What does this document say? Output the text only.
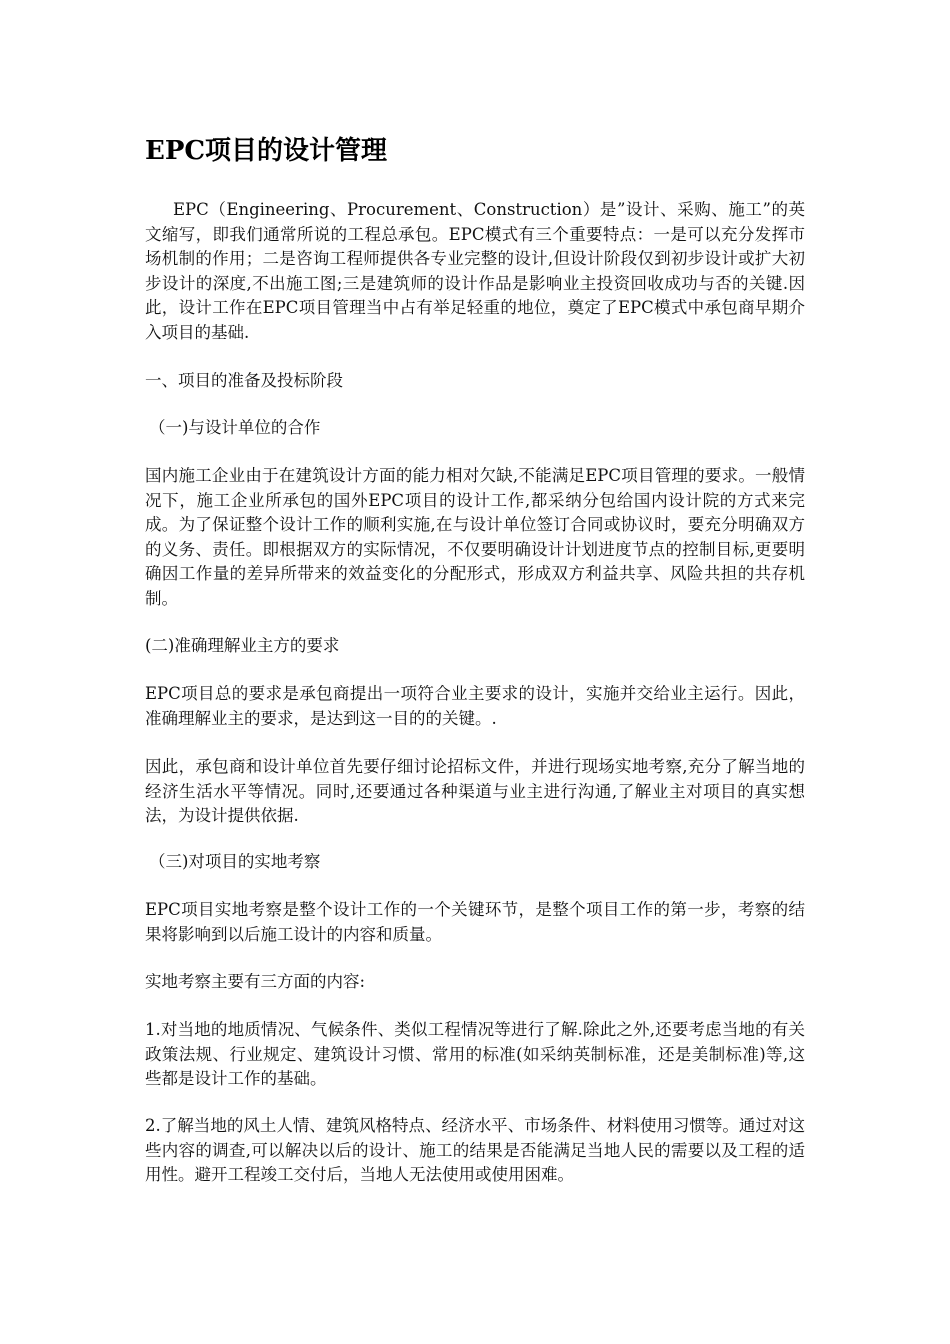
EPC项目的设计管理

EPC（Engineering、Procurement、Construction）是”设计、采购、施工”的英文缩写，即我们通常所说的工程总承包。EPC模式有三个重要特点：一是可以充分发挥市场机制的作用；二是咨询工程师提供各专业完整的设计,但设计阶段仅到初步设计或扩大初步设计的深度,不出施工图;三是建筑师的设计作品是影响业主投资回收成功与否的关键.因此，设计工作在EPC项目管理当中占有举足轻重的地位，奠定了EPC模式中承包商早期介入项目的基础.

一、项目的准备及投标阶段

（一)与设计单位的合作

国内施工企业由于在建筑设计方面的能力相对欠缺,不能满足EPC项目管理的要求。一般情况下，施工企业所承包的国外EPC项目的设计工作,都采纳分包给国内设计院的方式来完成。为了保证整个设计工作的顺利实施,在与设计单位签订合同或协议时，要充分明确双方的义务、责任。即根据双方的实际情况，不仅要明确设计计划进度节点的控制目标,更要明确因工作量的差异所带来的效益变化的分配形式，形成双方利益共享、风险共担的共存机制。

(二)准确理解业主方的要求

EPC项目总的要求是承包商提出一项符合业主要求的设计，实施并交给业主运行。因此，准确理解业主的要求，是达到这一目的的关键。.

因此，承包商和设计单位首先要仔细讨论招标文件，并进行现场实地考察,充分了解当地的经济生活水平等情况。同时,还要通过各种渠道与业主进行沟通,了解业主对项目的真实想法，为设计提供依据.

（三)对项目的实地考察

EPC项目实地考察是整个设计工作的一个关键环节，是整个项目工作的第一步，考察的结果将影响到以后施工设计的内容和质量。

实地考察主要有三方面的内容:

1.对当地的地质情况、气候条件、类似工程情况等进行了解.除此之外,还要考虑当地的有关政策法规、行业规定、建筑设计习惯、常用的标准(如采纳英制标准，还是美制标准)等,这些都是设计工作的基础。

2.了解当地的风土人情、建筑风格特点、经济水平、市场条件、材料使用习惯等。通过对这些内容的调查,可以解决以后的设计、施工的结果是否能满足当地人民的需要以及工程的适用性。避开工程竣工交付后，当地人无法使用或使用困难。
